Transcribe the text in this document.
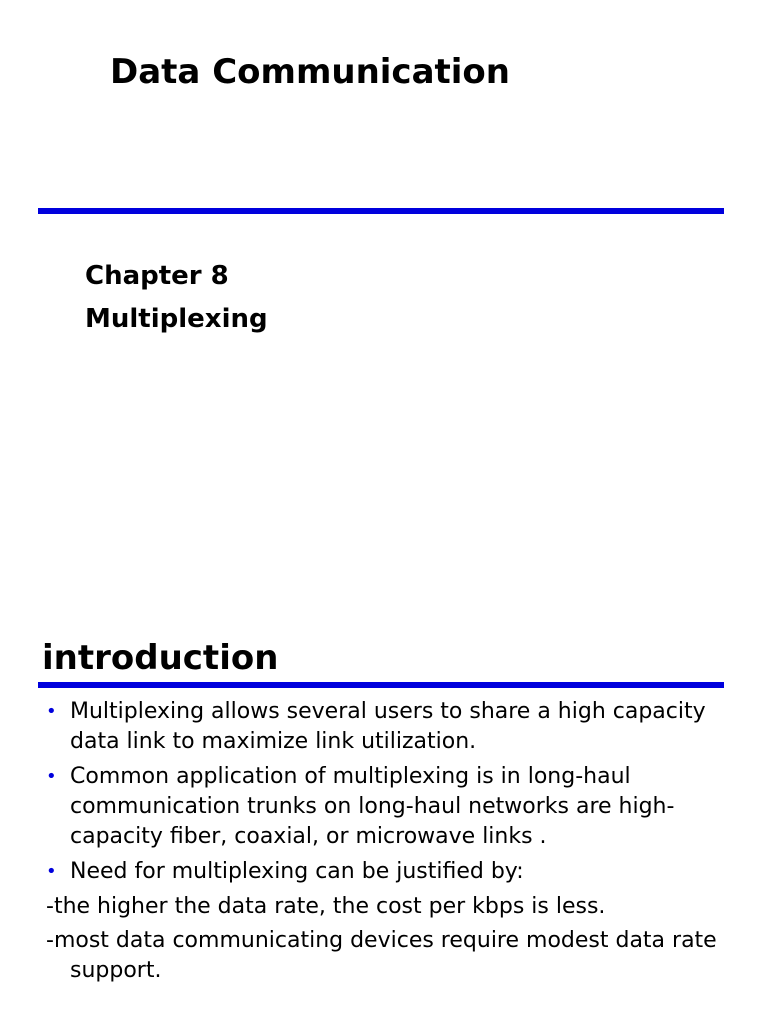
Data Communication
Chapter 8
Multiplexing
introduction
• Multiplexing allows several users to share a high capacity data link to maximize link utilization.
• Common application of multiplexing is in long-haul communication trunks on long-haul networks are high-capacity fiber, coaxial, or microwave links .
• Need for multiplexing can be justified by:
-the higher the data rate, the cost per kbps is less.
-most data communicating devices require modest data rate support.
